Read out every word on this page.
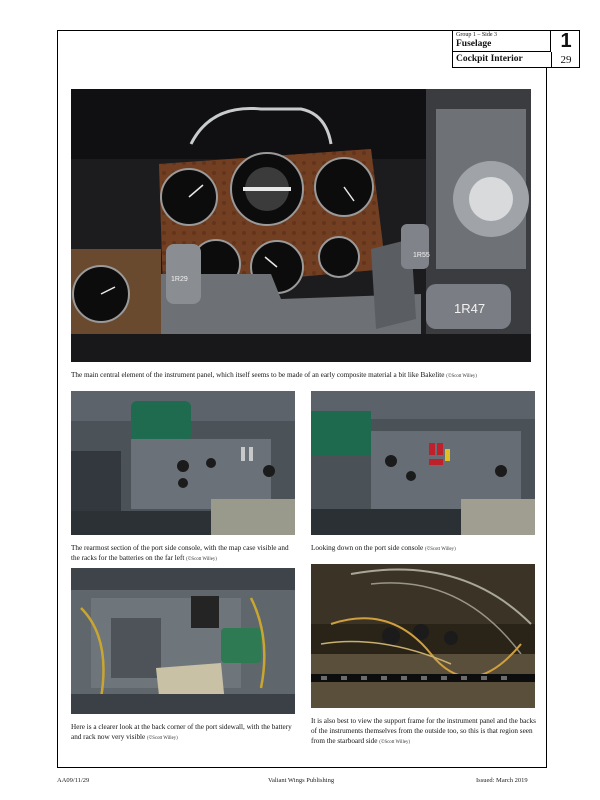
Group 1 – Side 3
Fuselage	1
Cockpit Interior	29
1R47
1R55
1R29
The main central element of the instrument panel, which itself seems to be made of an early composite material a bit like Bakelite (©Scott Willey)
The rearmost section of the port side console, with the map case visible and the racks for the batteries on the far left (©Scott Willey)
Looking down on the port side console (©Scott Willey)
Here is a clearer look at the back corner of the port sidewall, with the battery and rack now very visible (©Scott Willey)
It is also best to view the support frame for the instrument panel and the backs of the instruments themselves from the outside too, so this is that region seen from the starboard side (©Scott Willey)
AA09/11/29	Valiant Wings Publishing	Issued: March 2019
